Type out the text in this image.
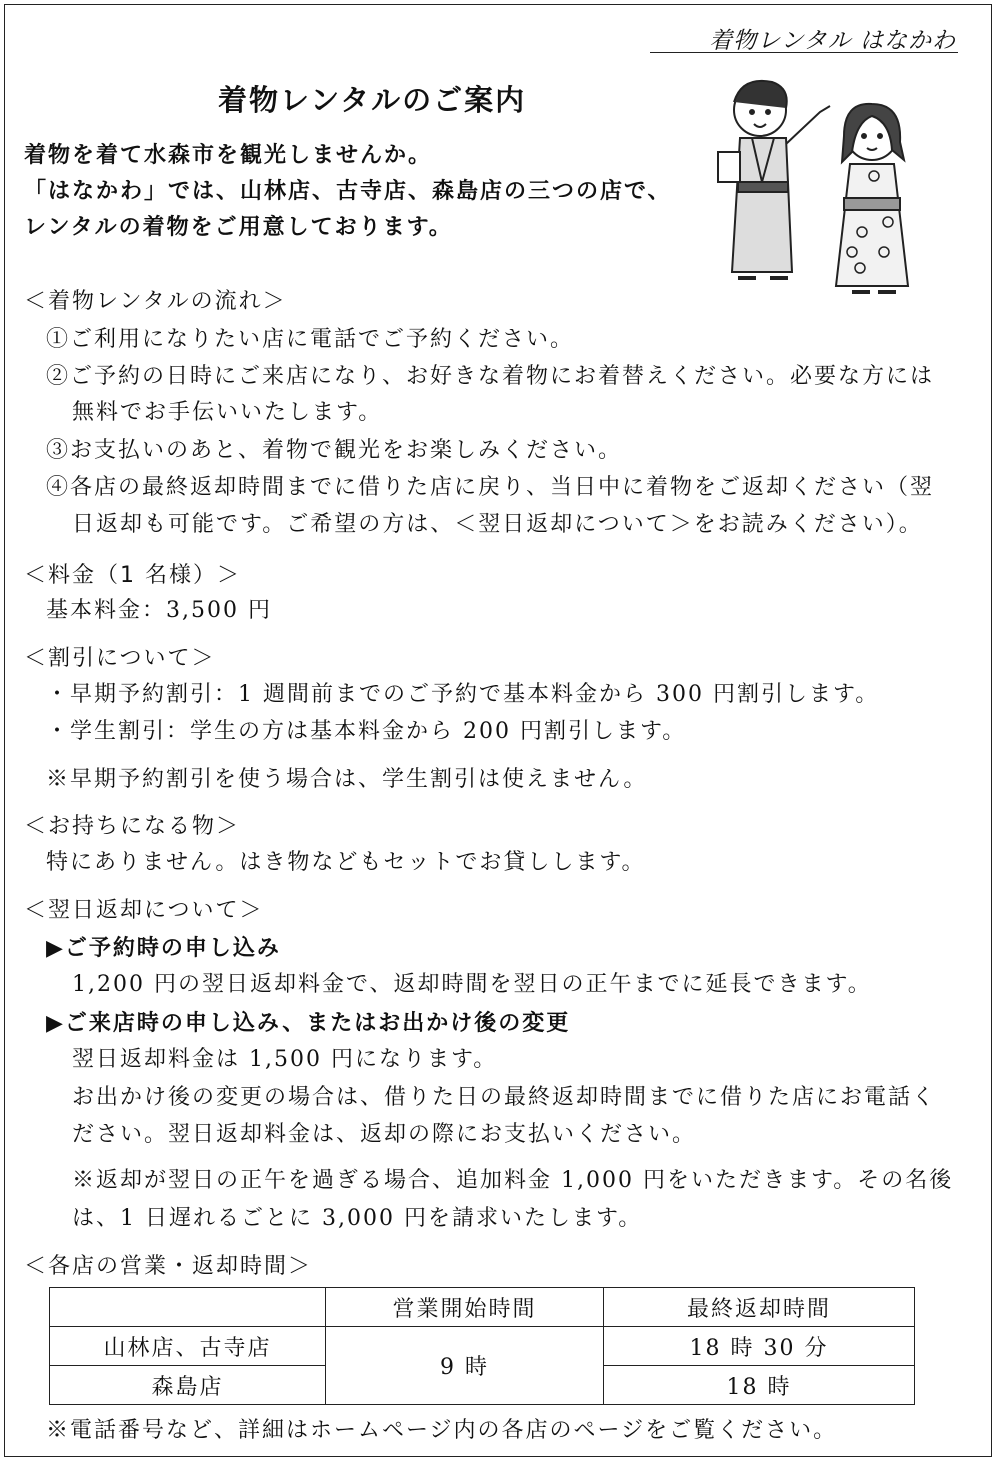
着物レンタル はなかわ
着物レンタルのご案内
着物を着て水森市を観光しませんか。
「はなかわ」では、山林店、古寺店、森島店の三つの店で、
レンタルの着物をご用意しております。
＜着物レンタルの流れ＞
①ご利用になりたい店に電話でご予約ください。
②ご予約の日時にご来店になり、お好きな着物にお着替えください。必要な方には
無料でお手伝いいたします。
③お支払いのあと、着物で観光をお楽しみください。
④各店の最終返却時間までに借りた店に戻り、当日中に着物をご返却ください（翌
日返却も可能です。ご希望の方は、＜翌日返却について＞をお読みください）。
＜料金（1 名様）＞
基本料金：3,500 円
＜割引について＞
・早期予約割引：1 週間前までのご予約で基本料金から 300 円割引します。
・学生割引：学生の方は基本料金から 200 円割引します。
※早期予約割引を使う場合は、学生割引は使えません。
＜お持ちになる物＞
特にありません。はき物などもセットでお貸しします。
＜翌日返却について＞
▶ご予約時の申し込み
1,200 円の翌日返却料金で、返却時間を翌日の正午までに延長できます。
▶ご来店時の申し込み、またはお出かけ後の変更
翌日返却料金は 1,500 円になります。
お出かけ後の変更の場合は、借りた日の最終返却時間までに借りた店にお電話く
ださい。翌日返却料金は、返却の際にお支払いください。
※返却が翌日の正午を過ぎる場合、追加料金 1,000 円をいただきます。その名後
は、1 日遅れるごとに 3,000 円を請求いたします。
＜各店の営業・返却時間＞
	営業開始時間	最終返却時間
山林店、古寺店	9 時	18 時 30 分
森島店		18 時
※電話番号など、詳細はホームページ内の各店のページをご覧ください。
